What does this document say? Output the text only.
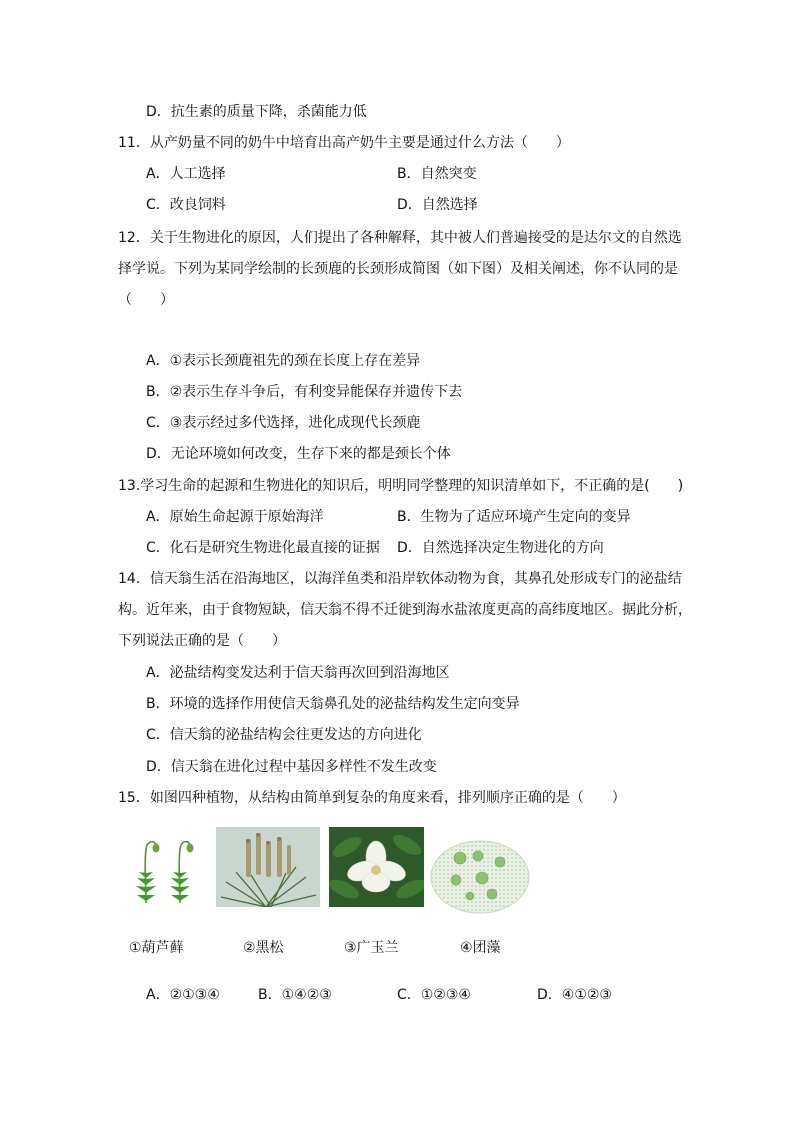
D．抗生素的质量下降，杀菌能力低
11．从产奶量不同的奶牛中培育出高产奶牛主要是通过什么方法（　　）
A．人工选择	B．自然突变
C．改良饲料	D．自然选择
12．关于生物进化的原因，人们提出了各种解释，其中被人们普遍接受的是达尔文的自然选
择学说。下列为某同学绘制的长颈鹿的长颈形成简图（如下图）及相关阐述，你不认同的是
（　　）
A．①表示长颈鹿祖先的颈在长度上存在差异
B．②表示生存斗争后，有利变异能保存并遗传下去
C．③表示经过多代选择，进化成现代长颈鹿
D．无论环境如何改变，生存下来的都是颈长个体
13.学习生命的起源和生物进化的知识后，明明同学整理的知识清单如下，不正确的是(　　)
A．原始生命起源于原始海洋	B．生物为了适应环境产生定向的变异
C．化石是研究生物进化最直接的证据 D．自然选择决定生物进化的方向
14．信天翁生活在沿海地区，以海洋鱼类和沿岸软体动物为食，其鼻孔处形成专门的泌盐结
构。近年来，由于食物短缺，信天翁不得不迁徙到海水盐浓度更高的高纬度地区。据此分析，
下列说法正确的是（　　）
A．泌盐结构变发达利于信天翁再次回到沿海地区
B．环境的选择作用使信天翁鼻孔处的泌盐结构发生定向变异
C．信天翁的泌盐结构会往更发达的方向进化
D．信天翁在进化过程中基因多样性不发生改变
15．如图四种植物，从结构由简单到复杂的角度来看，排列顺序正确的是（　　）
①葫芦藓	②黑松	③广玉兰	④团藻
A．②①③④	B．①④②③	C．①②③④	D．④①②③
